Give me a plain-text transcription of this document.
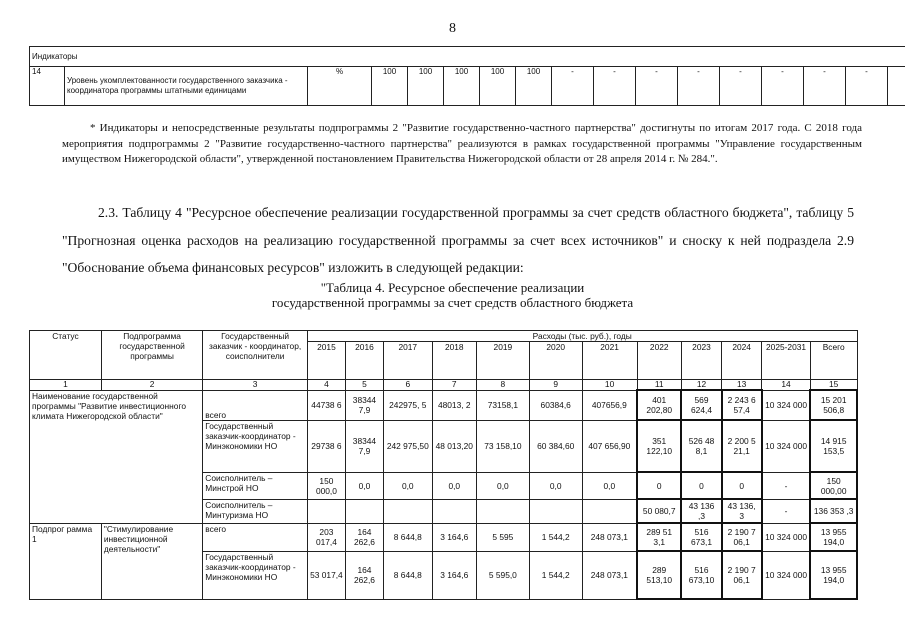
8
Индикаторы
14	Уровень укомплектованности государственного заказчика - координатора программы штатными единицами	%	100	100	100	100	100	-	-	-	-	-	-	-	-	
* Индикаторы и непосредственные результаты подпрограммы 2 "Развитие государственно-частного партнерства" достигнуты по итогам 2017 года. С 2018 года мероприятия подпрограммы 2 "Развитие государственно-частного партнерства" реализуются в рамках государственной программы "Управление государственным имуществом Нижегородской области", утвержденной постановлением Правительства Нижегородской области от 28 апреля 2014 г. № 284.".
2.3. Таблицу 4 "Ресурсное обеспечение реализации государственной программы за счет средств областного бюджета", таблицу 5 "Прогнозная оценка расходов на реализацию государственной программы за счет всех источников" и сноску к ней подраздела 2.9 "Обоснование объема финансовых ресурсов" изложить в следующей редакции:
"Таблица 4. Ресурсное обеспечение реализации
государственной программы за счет средств областного бюджета
Статус	Подпрограмма государственной программы	Государственный заказчик - координатор, соисполнители	Расходы (тыс. руб.), годы											
			2015	2016	2017	2018	2019	2020	2021	2022	2023	2024	2025-2031	Всего
1	2	3	4	5	6	7	8	9	10	11	12	13	14	15
Наименование государственной программы "Развитие инвестиционного климата Нижегородской области"		всего	44738 6	38344 7,9	242975, 5	48013, 2	73158,1	60384,6	407656,9	401 202,80	569 624,4	2 243 6 57,4	10 324 000	15 201 506,8
		Государственный заказчик-координатор - Минэкономики НО	29738 6	38344 7,9	242 975,50	48 013,20	73 158,10	60 384,60	407 656,90	351 122,10	526 48 8,1	2 200 5 21,1	10 324 000	14 915 153,5
		Соисполнитель – Минстрой НО	150 000,0	0,0	0,0	0,0	0,0	0,0	0,0	0	0	0	-	150 000,00
		Соисполнитель – Минтуризма НО								50 080,7	43 136 ,3	43 136, 3	-	136 353 ,3
Подпрог рамма 1	"Стимулирование инвестиционной деятельности"	всего	203 017,4	164 262,6	8 644,8	3 164,6	5 595	1 544,2	248 073,1	289 51 3,1	516 673,1	2 190 7 06,1	10 324 000	13 955 194,0
		Государственный заказчик-координатор - Минэкономики НО	53 017,4	164 262,6	8 644,8	3 164,6	5 595,0	1 544,2	248 073,1	289 513,10	516 673,10	2 190 7 06,1	10 324 000	13 955 194,0
